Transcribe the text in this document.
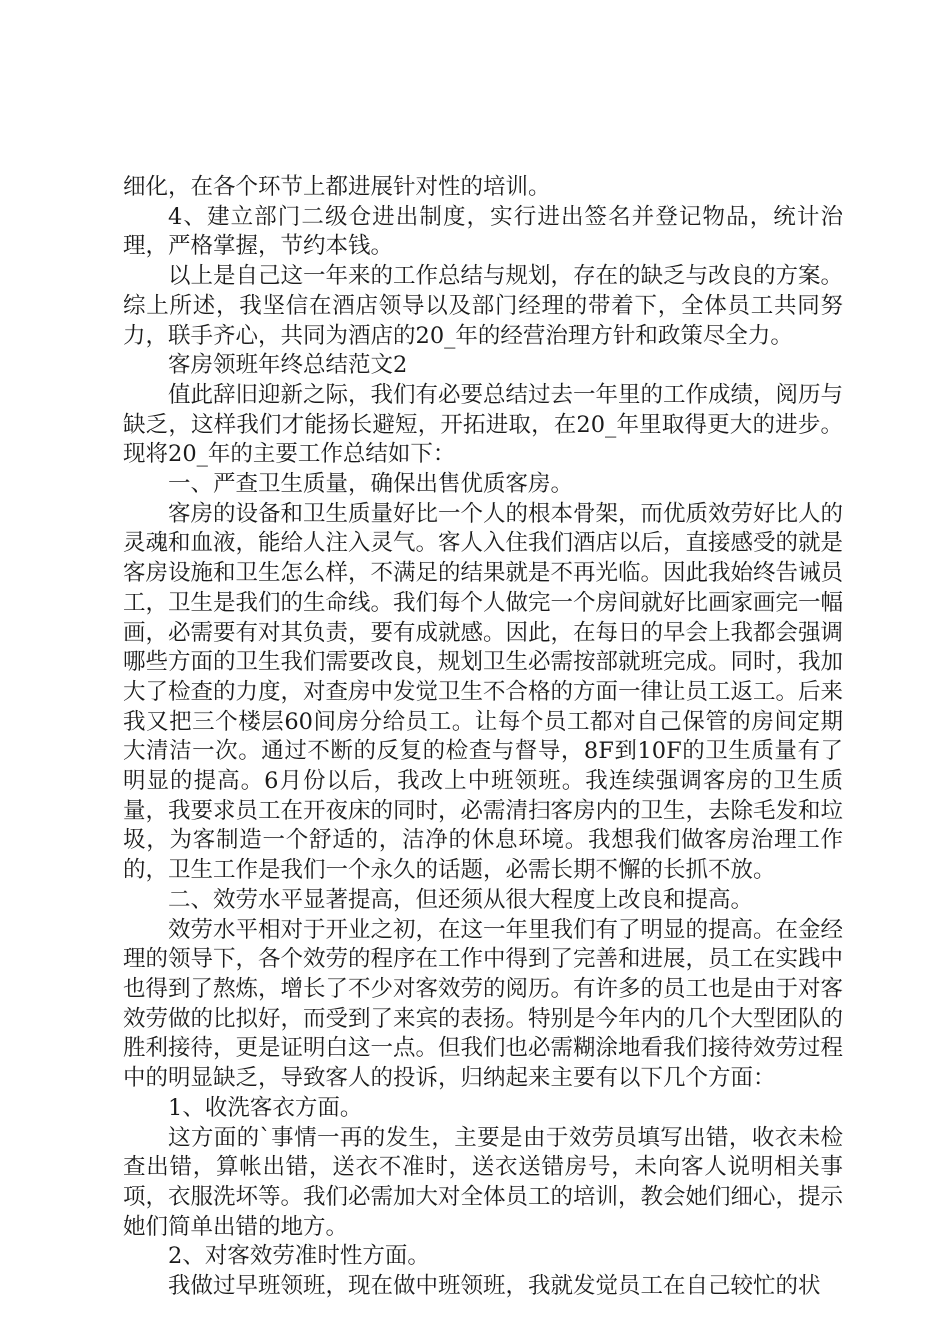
细化，在各个环节上都进展针对性的培训。

4、建立部门二级仓进出制度，实行进出签名并登记物品，统计治理，严格掌握，节约本钱。

以上是自己这一年来的工作总结与规划，存在的缺乏与改良的方案。综上所述，我坚信在酒店领导以及部门经理的带着下，全体员工共同努力，联手齐心，共同为酒店的20_年的经营治理方针和政策尽全力。

客房领班年终总结范文2

值此辞旧迎新之际，我们有必要总结过去一年里的工作成绩，阅历与缺乏，这样我们才能扬长避短，开拓进取，在20_年里取得更大的进步。现将20_年的主要工作总结如下：

一、严查卫生质量，确保出售优质客房。

客房的设备和卫生质量好比一个人的根本骨架，而优质效劳好比人的灵魂和血液，能给人注入灵气。客人入住我们酒店以后，直接感受的就是客房设施和卫生怎么样，不满足的结果就是不再光临。因此我始终告诫员工，卫生是我们的生命线。我们每个人做完一个房间就好比画家画完一幅画，必需要有对其负责，要有成就感。因此，在每日的早会上我都会强调哪些方面的卫生我们需要改良，规划卫生必需按部就班完成。同时，我加大了检查的力度，对查房中发觉卫生不合格的方面一律让员工返工。后来我又把三个楼层60间房分给员工。让每个员工都对自己保管的房间定期大清洁一次。通过不断的反复的检查与督导，8F到10F的卫生质量有了明显的提高。6月份以后，我改上中班领班。我连续强调客房的卫生质量，我要求员工在开夜床的同时，必需清扫客房内的卫生，去除毛发和垃圾，为客制造一个舒适的，洁净的休息环境。我想我们做客房治理工作的，卫生工作是我们一个永久的话题，必需长期不懈的长抓不放。

二、效劳水平显著提高，但还须从很大程度上改良和提高。

效劳水平相对于开业之初，在这一年里我们有了明显的提高。在金经理的领导下，各个效劳的程序在工作中得到了完善和进展，员工在实践中也得到了熬炼，增长了不少对客效劳的阅历。有许多的员工也是由于对客效劳做的比拟好，而受到了来宾的表扬。特别是今年内的几个大型团队的胜利接待，更是证明白这一点。但我们也必需糊涂地看我们接待效劳过程中的明显缺乏，导致客人的投诉，归纳起来主要有以下几个方面：

1、收洗客衣方面。

这方面的`事情一再的发生，主要是由于效劳员填写出错，收衣未检查出错，算帐出错，送衣不准时，送衣送错房号，未向客人说明相关事项，衣服洗坏等。我们必需加大对全体员工的培训，教会她们细心，提示她们简单出错的地方。

2、对客效劳准时性方面。

我做过早班领班，现在做中班领班，我就发觉员工在自己较忙的状
